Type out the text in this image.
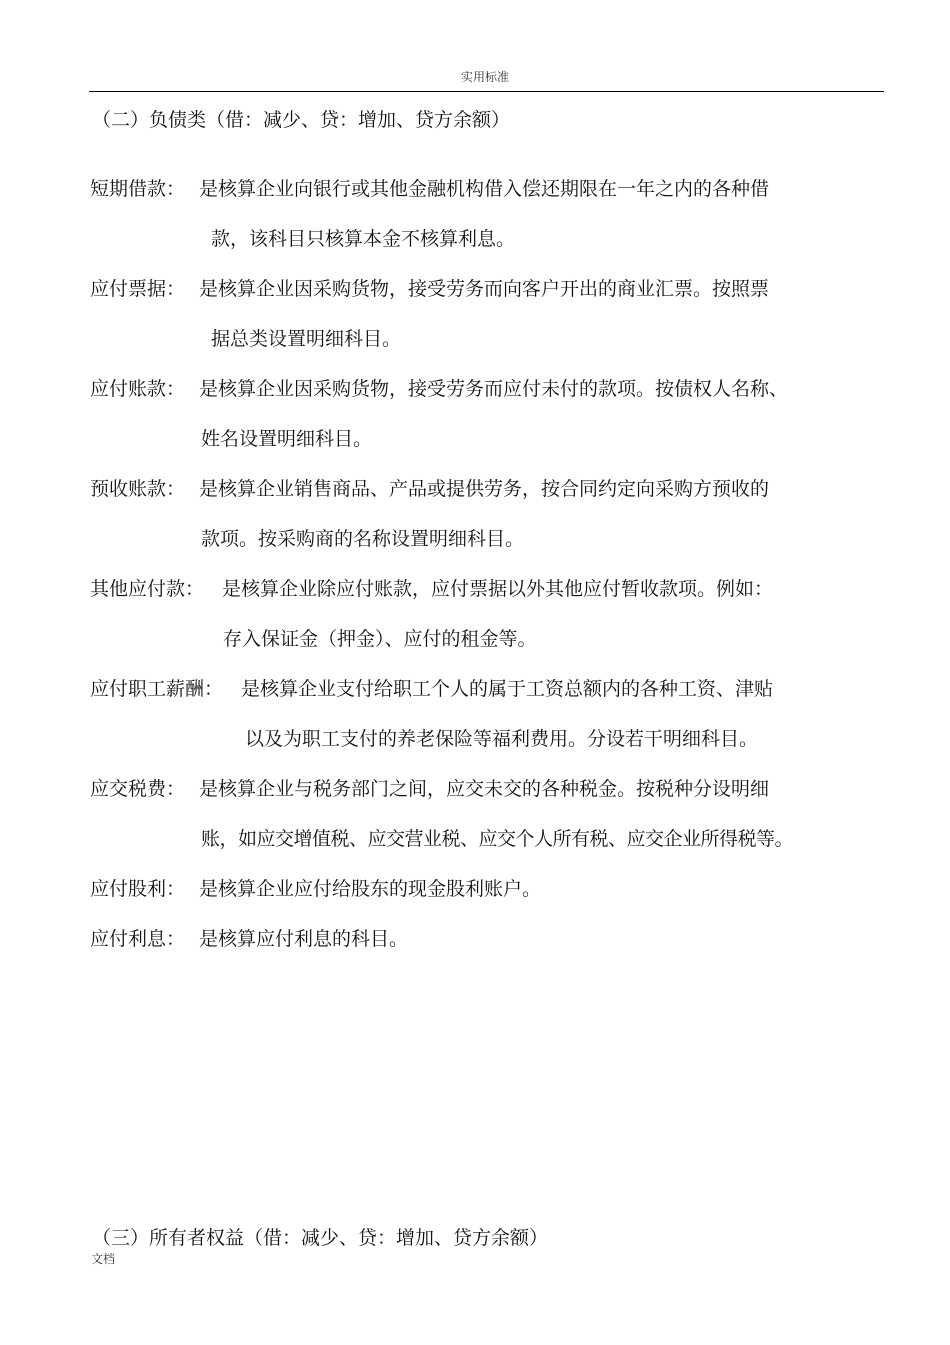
实用标准
（二）负债类（借：减少、贷：增加、贷方余额）
短期借款： 是核算企业向银行或其他金融机构借入偿还期限在一年之内的各种借
款，该科目只核算本金不核算利息。
应付票据： 是核算企业因采购货物，接受劳务而向客户开出的商业汇票。按照票
据总类设置明细科目。
应付账款： 是核算企业因采购货物，接受劳务而应付未付的款项。按债权人名称、
姓名设置明细科目。
预收账款： 是核算企业销售商品、产品或提供劳务，按合同约定向采购方预收的
款项。按采购商的名称设置明细科目。
其他应付款： 是核算企业除应付账款，应付票据以外其他应付暂收款项。例如：
存入保证金（押金）、应付的租金等。
应付职工薪酬： 是核算企业支付给职工个人的属于工资总额内的各种工资、津贴
以及为职工支付的养老保险等福利费用。分设若干明细科目。
应交税费： 是核算企业与税务部门之间，应交未交的各种税金。按税种分设明细
账，如应交增值税、应交营业税、应交个人所有税、应交企业所得税等。
应付股利： 是核算企业应付给股东的现金股利账户。
应付利息： 是核算应付利息的科目。
（三）所有者权益（借：减少、贷：增加、贷方余额）
文档
